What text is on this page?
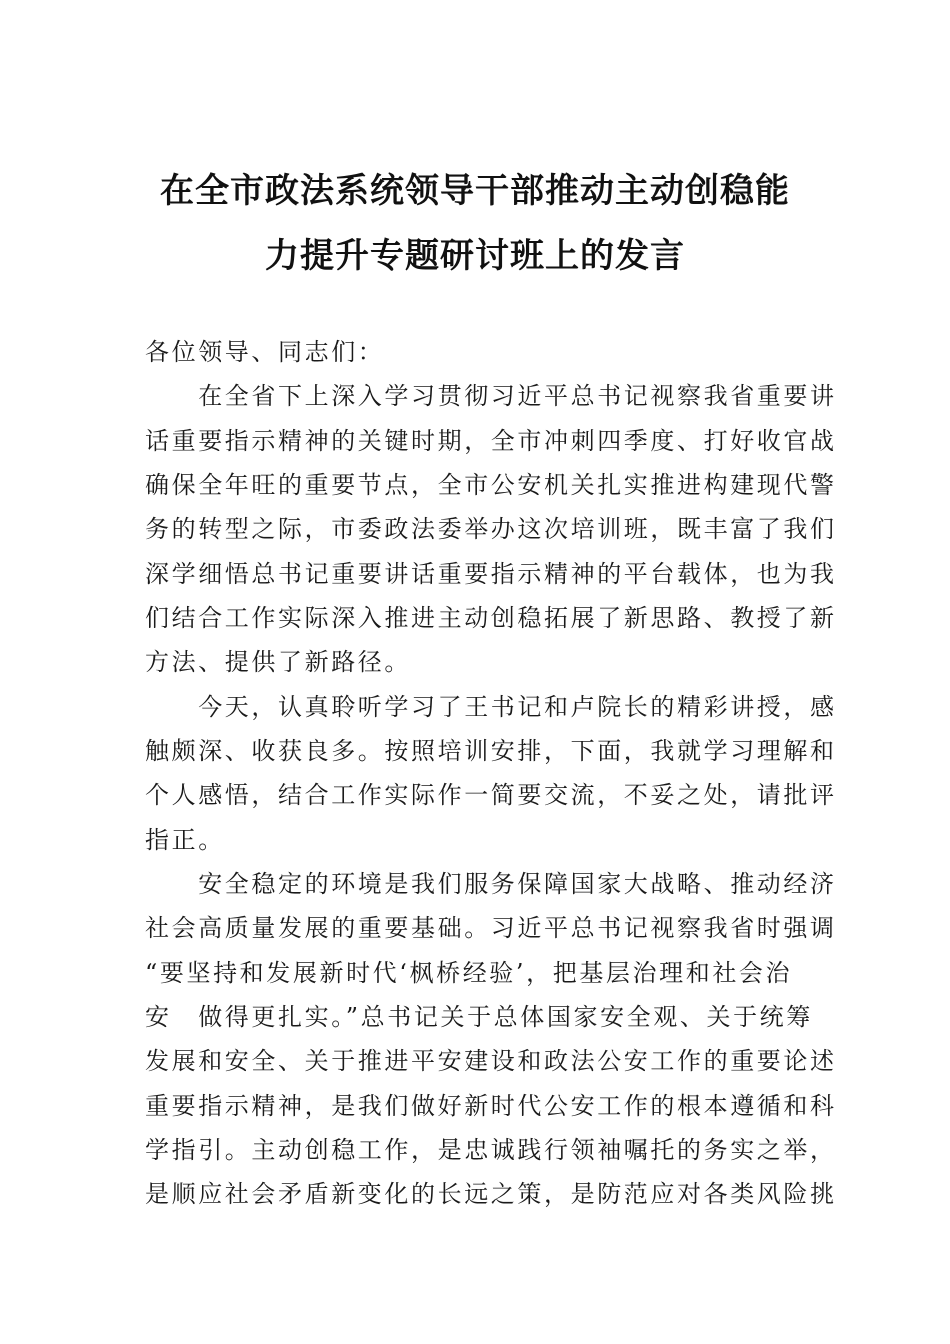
在全市政法系统领导干部推动主动创稳能
力提升专题研讨班上的发言
各位领导、同志们：
　　在全省下上深入学习贯彻习近平总书记视察我省重要讲
话重要指示精神的关键时期，全市冲刺四季度、打好收官战
确保全年旺的重要节点，全市公安机关扎实推进构建现代警
务的转型之际，市委政法委举办这次培训班，既丰富了我们
深学细悟总书记重要讲话重要指示精神的平台载体，也为我
们结合工作实际深入推进主动创稳拓展了新思路、教授了新
方法、提供了新路径。
　　今天，认真聆听学习了王书记和卢院长的精彩讲授，感
触颇深、收获良多。按照培训安排，下面，我就学习理解和
个人感悟，结合工作实际作一简要交流，不妥之处，请批评
指正。
　　安全稳定的环境是我们服务保障国家大战略、推动经济
社会高质量发展的重要基础。习近平总书记视察我省时强调
“要坚持和发展新时代‘枫桥经验’，把基层治理和社会治
安　做得更扎实。”总书记关于总体国家安全观、关于统筹
发展和安全、关于推进平安建设和政法公安工作的重要论述
重要指示精神，是我们做好新时代公安工作的根本遵循和科
学指引。主动创稳工作，是忠诚践行领袖嘱托的务实之举，
是顺应社会矛盾新变化的长远之策，是防范应对各类风险挑
